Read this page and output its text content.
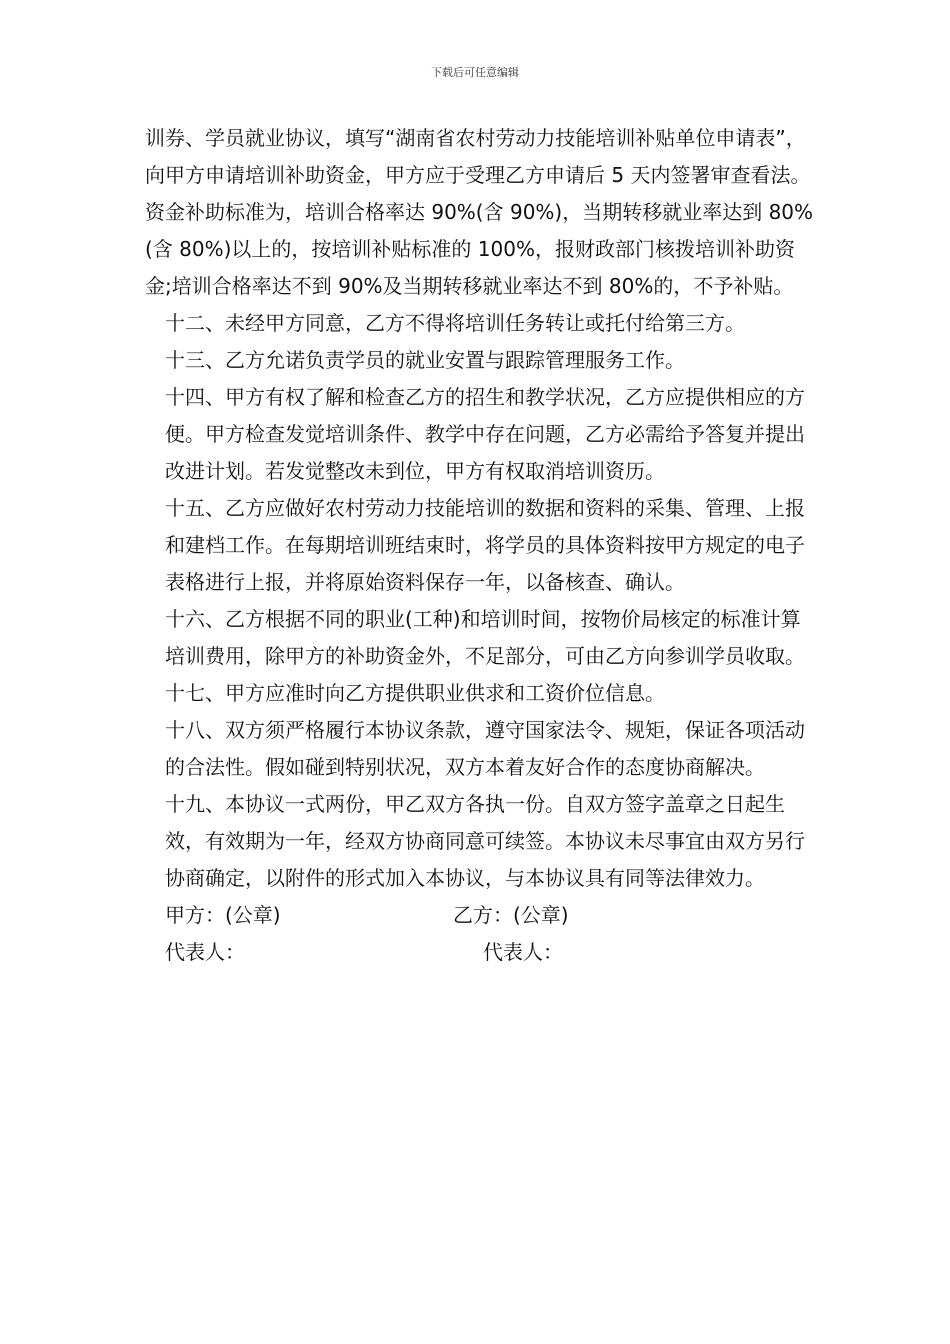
下载后可任意编辑

训券、学员就业协议，填写“湖南省农村劳动力技能培训补贴单位申请表”，向甲方申请培训补助资金，甲方应于受理乙方申请后 5 天内签署审查看法。资金补助标准为，培训合格率达 90%(含 90%)，当期转移就业率达到 80%(含 80%)以上的，按培训补贴标准的 100%，报财政部门核拨培训补助资金;培训合格率达不到 90%及当期转移就业率达不到 80%的，不予补贴。

十二、未经甲方同意，乙方不得将培训任务转让或托付给第三方。

十三、乙方允诺负责学员的就业安置与跟踪管理服务工作。

十四、甲方有权了解和检查乙方的招生和教学状况，乙方应提供相应的方便。甲方检查发觉培训条件、教学中存在问题，乙方必需给予答复并提出改进计划。若发觉整改未到位，甲方有权取消培训资历。

十五、乙方应做好农村劳动力技能培训的数据和资料的采集、管理、上报和建档工作。在每期培训班结束时，将学员的具体资料按甲方规定的电子表格进行上报，并将原始资料保存一年，以备核查、确认。

十六、乙方根据不同的职业(工种)和培训时间，按物价局核定的标准计算培训费用，除甲方的补助资金外，不足部分，可由乙方向参训学员收取。

十七、甲方应准时向乙方提供职业供求和工资价位信息。

十八、双方须严格履行本协议条款，遵守国家法令、规矩，保证各项活动的合法性。假如碰到特别状况，双方本着友好合作的态度协商解决。

十九、本协议一式两份，甲乙双方各执一份。自双方签字盖章之日起生效，有效期为一年，经双方协商同意可续签。本协议未尽事宜由双方另行协商确定，以附件的形式加入本协议，与本协议具有同等法律效力。

甲方：(公章)	乙方：(公章)
代表人：	代表人：
